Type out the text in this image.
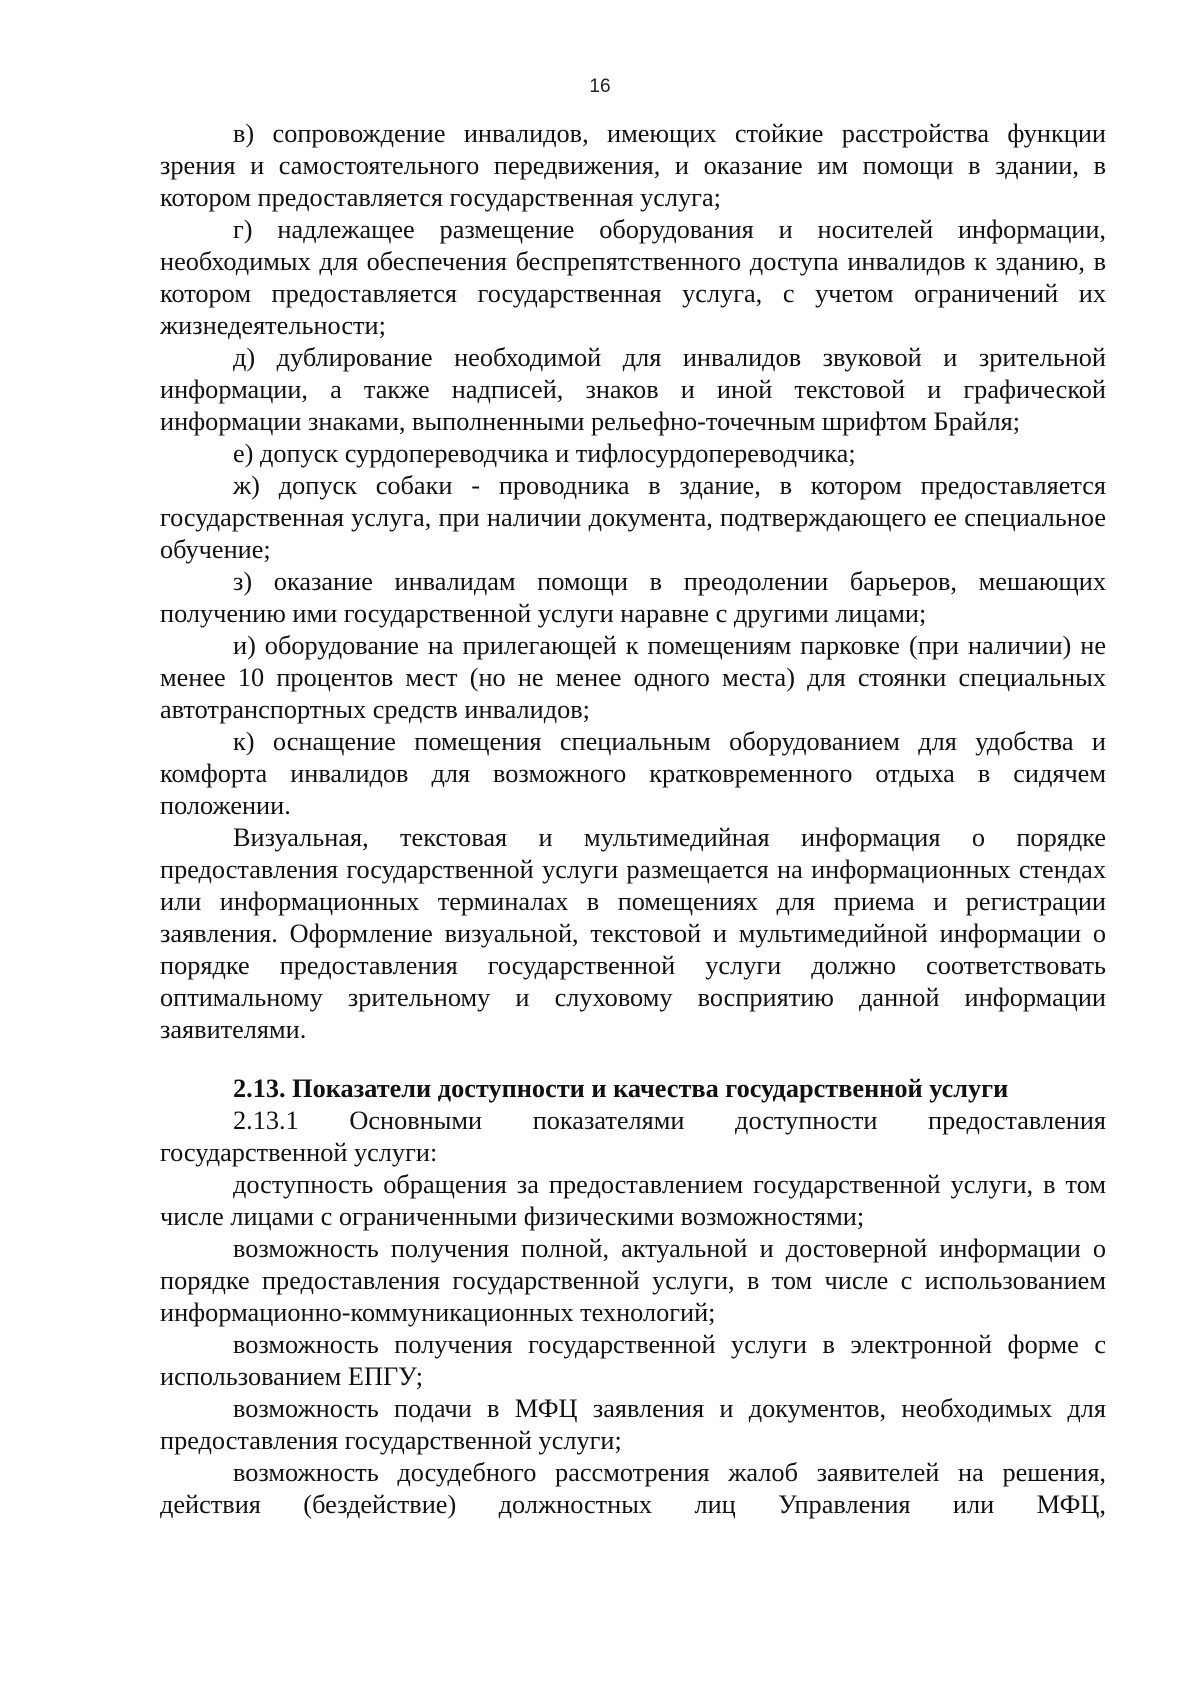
16

в) сопровождение инвалидов, имеющих стойкие расстройства функции зрения и самостоятельного передвижения, и оказание им помощи в здании, в котором предоставляется государственная услуга;

г) надлежащее размещение оборудования и носителей информации, необходимых для обеспечения беспрепятственного доступа инвалидов к зданию, в котором предоставляется государственная услуга, с учетом ограничений их жизнедеятельности;

д) дублирование необходимой для инвалидов звуковой и зрительной информации, а также надписей, знаков и иной текстовой и графической информации знаками, выполненными рельефно-точечным шрифтом Брайля;

е) допуск сурдопереводчика и тифлосурдопереводчика;

ж) допуск собаки - проводника в здание, в котором предоставляется государственная услуга, при наличии документа, подтверждающего ее специальное обучение;

з) оказание инвалидам помощи в преодолении барьеров, мешающих получению ими государственной услуги наравне с другими лицами;

и) оборудование на прилегающей к помещениям парковке (при наличии) не менее 10 процентов мест (но не менее одного места) для стоянки специальных автотранспортных средств инвалидов;

к) оснащение помещения специальным оборудованием для удобства и комфорта инвалидов для возможного кратковременного отдыха в сидячем положении.

Визуальная, текстовая и мультимедийная информация о порядке предоставления государственной услуги размещается на информационных стендах или информационных терминалах в помещениях для приема и регистрации заявления. Оформление визуальной, текстовой и мультимедийной информации о порядке предоставления государственной услуги должно соответствовать оптимальному зрительному и слуховому восприятию данной информации заявителями.

2.13. Показатели доступности и качества государственной услуги

2.13.1 Основными показателями доступности предоставления государственной услуги:

доступность обращения за предоставлением государственной услуги, в том числе лицами с ограниченными физическими возможностями;

возможность получения полной, актуальной и достоверной информации о порядке предоставления государственной услуги, в том числе с использованием информационно-коммуникационных технологий;

возможность получения государственной услуги в электронной форме с использованием ЕПГУ;

возможность подачи в МФЦ заявления и документов, необходимых для предоставления государственной услуги;

возможность досудебного рассмотрения жалоб заявителей на решения, действия (бездействие) должностных лиц Управления или МФЦ,
